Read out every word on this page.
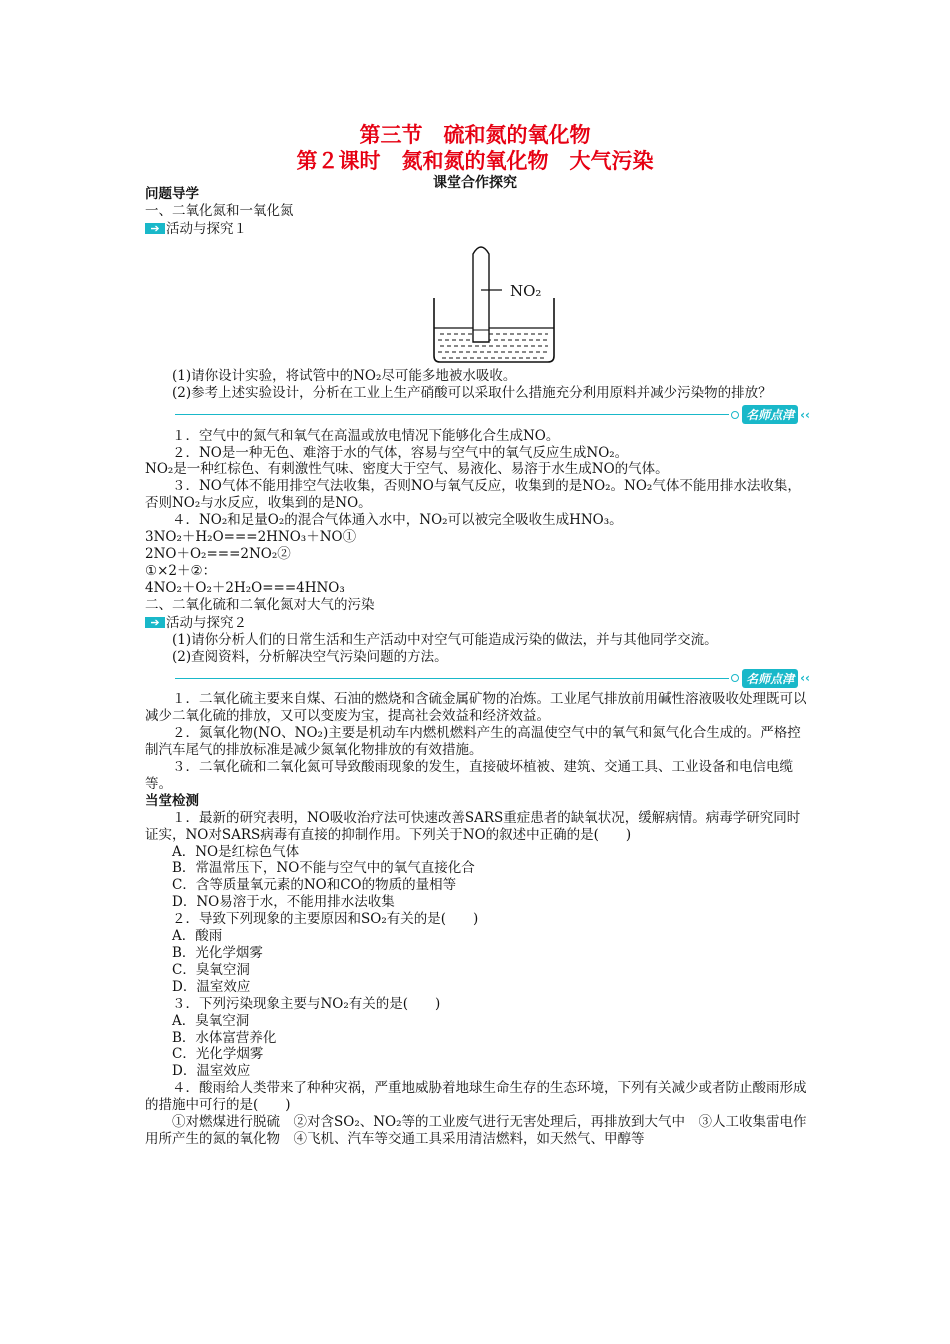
第三节　硫和氮的氧化物
第２课时　氮和氮的氧化物　大气污染
课堂合作探究
问题导学
一、二氧化氮和一氧化氮
➔ 活动与探究１
NO₂
(1)请你设计实验，将试管中的NO₂尽可能多地被水吸收。
(2)参考上述实验设计，分析在工业上生产硝酸可以采取什么措施充分利用原料并减少污染物的排放？
名师点津 ‹‹
１．空气中的氮气和氧气在高温或放电情况下能够化合生成NO。
２．NO是一种无色、难溶于水的气体，容易与空气中的氧气反应生成NO₂。
NO₂是一种红棕色、有刺激性气味、密度大于空气、易液化、易溶于水生成NO的气体。
３．NO气体不能用排空气法收集，否则NO与氧气反应，收集到的是NO₂。NO₂气体不能用排水法收集，否则NO₂与水反应，收集到的是NO。
４．NO₂和足量O₂的混合气体通入水中，NO₂可以被完全吸收生成HNO₃。
3NO₂＋H₂O===2HNO₃＋NO①
2NO＋O₂===2NO₂②
①×2＋②：
4NO₂＋O₂＋2H₂O===4HNO₃
二、二氧化硫和二氧化氮对大气的污染
➔ 活动与探究２
(1)请你分析人们的日常生活和生产活动中对空气可能造成污染的做法，并与其他同学交流。
(2)查阅资料，分析解决空气污染问题的方法。
名师点津 ‹‹
１．二氧化硫主要来自煤、石油的燃烧和含硫金属矿物的冶炼。工业尾气排放前用碱性溶液吸收处理既可以减少二氧化硫的排放，又可以变废为宝，提高社会效益和经济效益。
２．氮氧化物(NO、NO₂)主要是机动车内燃机燃料产生的高温使空气中的氧气和氮气化合生成的。严格控制汽车尾气的排放标准是减少氮氧化物排放的有效措施。
３．二氧化硫和二氧化氮可导致酸雨现象的发生，直接破坏植被、建筑、交通工具、工业设备和电信电缆等。
当堂检测
１．最新的研究表明，NO吸收治疗法可快速改善SARS重症患者的缺氧状况，缓解病情。病毒学研究同时证实，NO对SARS病毒有直接的抑制作用。下列关于NO的叙述中正确的是(　　)
A．NO是红棕色气体
B．常温常压下，NO不能与空气中的氧气直接化合
C．含等质量氧元素的NO和CO的物质的量相等
D．NO易溶于水，不能用排水法收集
２．导致下列现象的主要原因和SO₂有关的是(　　)
A．酸雨
B．光化学烟雾
C．臭氧空洞
D．温室效应
３．下列污染现象主要与NO₂有关的是(　　)
A．臭氧空洞
B．水体富营养化
C．光化学烟雾
D．温室效应
４．酸雨给人类带来了种种灾祸，严重地威胁着地球生命生存的生态环境，下列有关减少或者防止酸雨形成的措施中可行的是(　　)
①对燃煤进行脱硫　②对含SO₂、NO₂等的工业废气进行无害处理后，再排放到大气中　③人工收集雷电作用所产生的氮的氧化物　④飞机、汽车等交通工具采用清洁燃料，如天然气、甲醇等
